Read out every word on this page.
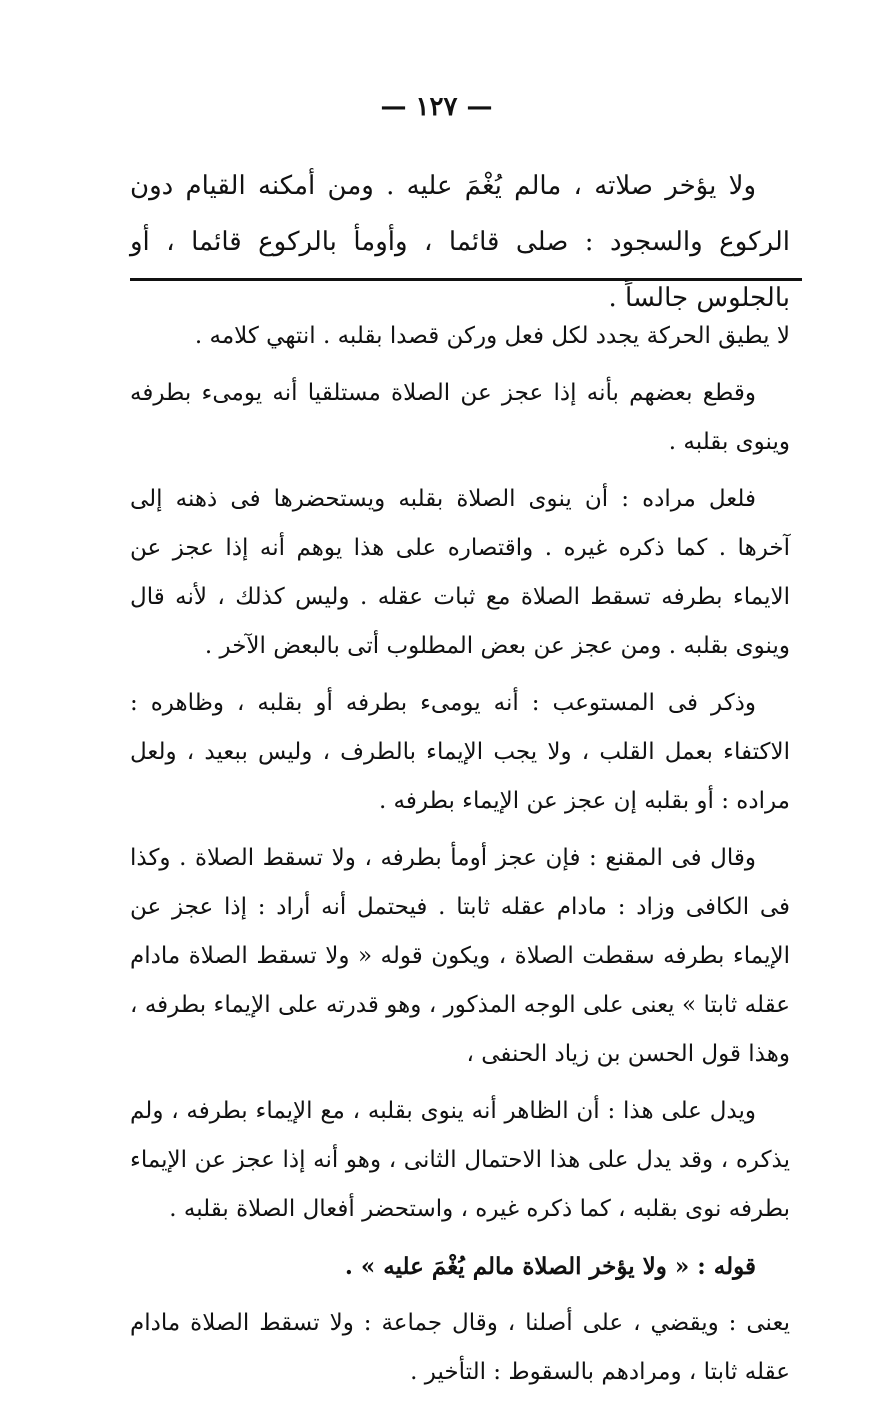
— ١٢٧ —

ولا يؤخر صلاته ، مالم يُغْمَ عليه . ومن أمكنه القيام دون الركوع والسجود : صلى قائما ، وأومأ بالركوع قائما ، أو بالجلوس جالساً .

لا يطيق الحركة يجدد لكل فعل وركن قصدا بقلبه . انتهي كلامه .

وقطع بعضهم بأنه إذا عجز عن الصلاة مستلقيا أنه يومىء بطرفه وينوى بقلبه .

فلعل مراده : أن ينوى الصلاة بقلبه ويستحضرها فى ذهنه إلى آخرها . كما ذكره غيره . واقتصاره على هذا يوهم أنه إذا عجز عن الايماء بطرفه تسقط الصلاة مع ثبات عقله . وليس كذلك ، لأنه قال وينوى بقلبه . ومن عجز عن بعض المطلوب أتى بالبعض الآخر .

وذكر فى المستوعب : أنه يومىء بطرفه أو بقلبه ، وظاهره : الاكتفاء بعمل القلب ، ولا يجب الإيماء بالطرف ، وليس ببعيد ، ولعل مراده : أو بقلبه إن عجز عن الإيماء بطرفه .

وقال فى المقنع : فإن عجز أومأ بطرفه ، ولا تسقط الصلاة . وكذا فى الكافى وزاد : مادام عقله ثابتا . فيحتمل أنه أراد : إذا عجز عن الإيماء بطرفه سقطت الصلاة ، ويكون قوله « ولا تسقط الصلاة مادام عقله ثابتا » يعنى على الوجه المذكور ، وهو قدرته على الإيماء بطرفه ، وهذا قول الحسن بن زياد الحنفى ،

ويدل على هذا : أن الظاهر أنه ينوى بقلبه ، مع الإيماء بطرفه ، ولم يذكره ، وقد يدل على هذا الاحتمال الثانى ، وهو أنه إذا عجز عن الإيماء بطرفه نوى بقلبه ، كما ذكره غيره ، واستحضر أفعال الصلاة بقلبه .

قوله : « ولا يؤخر الصلاة مالم يُغْمَ عليه » .

يعنى : ويقضي ، على أصلنا ، وقال جماعة : ولا تسقط الصلاة مادام عقله ثابتا ، ومرادهم بالسقوط : التأخير .
